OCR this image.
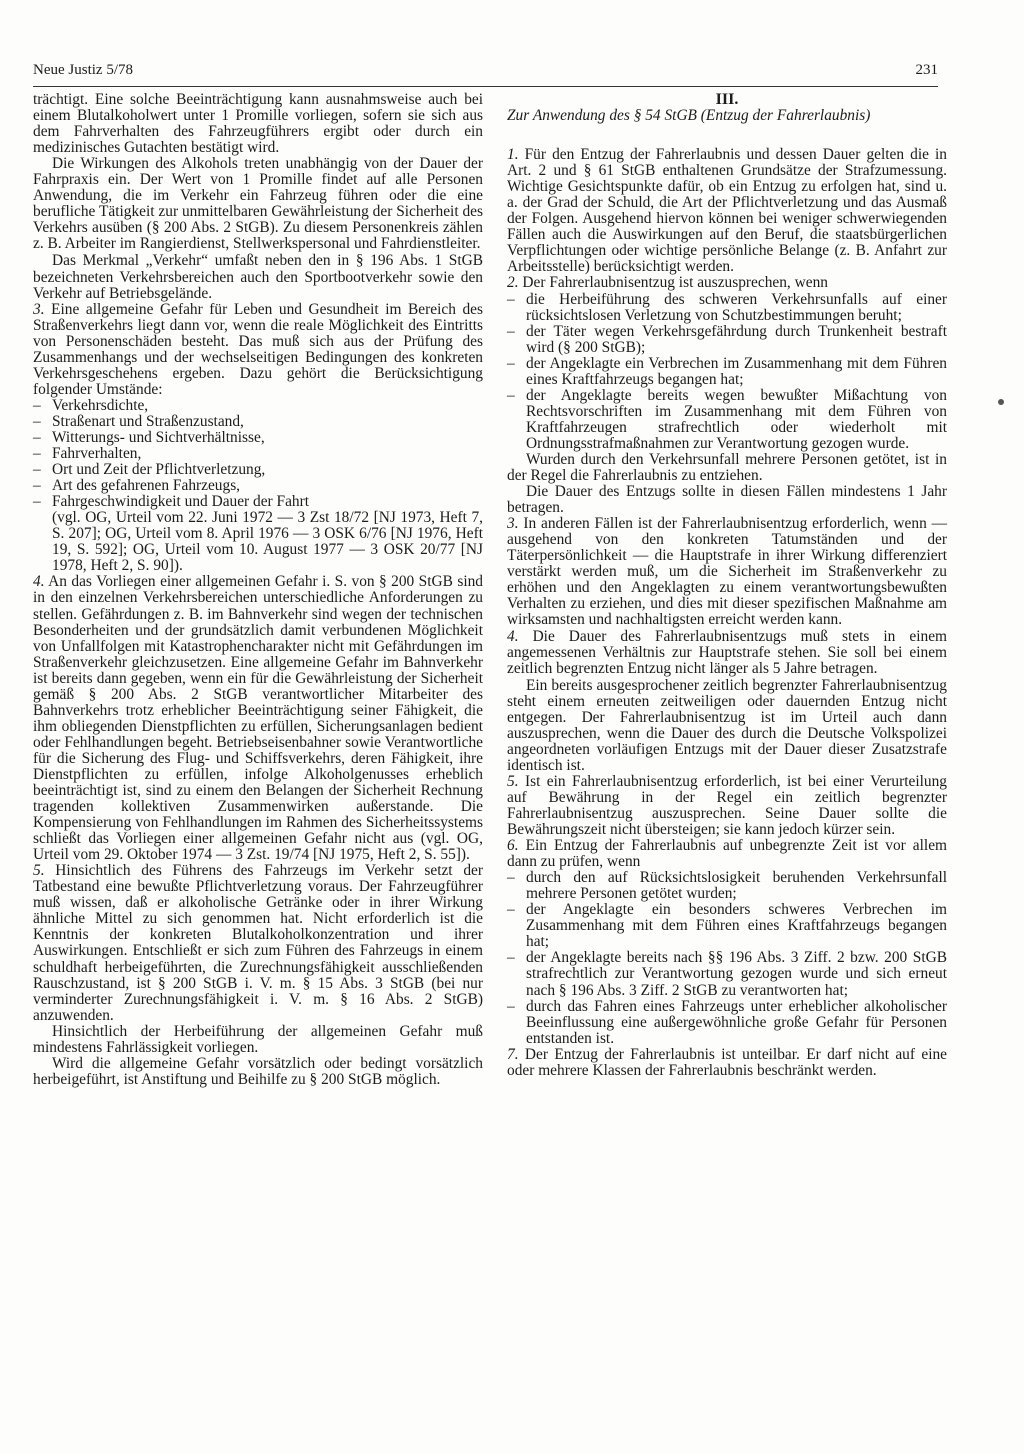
Neue Justiz 5/78	231

trächtigt. Eine solche Beeinträchtigung kann ausnahmsweise auch bei einem Blutalkoholwert unter 1 Promille vorliegen, sofern sie sich aus dem Fahrverhalten des Fahrzeugführers ergibt oder durch ein medizinisches Gutachten bestätigt wird.

Die Wirkungen des Alkohols treten unabhängig von der Dauer der Fahrpraxis ein. Der Wert von 1 Promille findet auf alle Personen Anwendung, die im Verkehr ein Fahrzeug führen oder die eine berufliche Tätigkeit zur unmittelbaren Gewährleistung der Sicherheit des Verkehrs ausüben (§ 200 Abs. 2 StGB). Zu diesem Personenkreis zählen z. B. Arbeiter im Rangierdienst, Stellwerkspersonal und Fahrdienstleiter.

Das Merkmal „Verkehr“ umfaßt neben den in § 196 Abs. 1 StGB bezeichneten Verkehrsbereichen auch den Sportbootverkehr sowie den Verkehr auf Betriebsgelände.

3. Eine allgemeine Gefahr für Leben und Gesundheit im Bereich des Straßenverkehrs liegt dann vor, wenn die reale Möglichkeit des Eintritts von Personenschäden besteht. Das muß sich aus der Prüfung des Zusammenhangs und der wechselseitigen Bedingungen des konkreten Verkehrsgeschehens ergeben. Dazu gehört die Berücksichtigung folgender Umstände:

– Verkehrsdichte,

– Straßenart und Straßenzustand,

– Witterungs- und Sichtverhältnisse,

– Fahrverhalten,

– Ort und Zeit der Pflichtverletzung,

– Art des gefahrenen Fahrzeugs,

– Fahrgeschwindigkeit und Dauer der Fahrt

(vgl. OG, Urteil vom 22. Juni 1972 — 3 Zst 18/72 [NJ 1973, Heft 7, S. 207]; OG, Urteil vom 8. April 1976 — 3 OSK 6/76 [NJ 1976, Heft 19, S. 592]; OG, Urteil vom 10. August 1977 — 3 OSK 20/77 [NJ 1978, Heft 2, S. 90]).

4. An das Vorliegen einer allgemeinen Gefahr i. S. von § 200 StGB sind in den einzelnen Verkehrsbereichen unterschiedliche Anforderungen zu stellen. Gefährdungen z. B. im Bahnverkehr sind wegen der technischen Besonderheiten und der grundsätzlich damit verbundenen Möglichkeit von Unfallfolgen mit Katastrophencharakter nicht mit Gefährdungen im Straßenverkehr gleichzusetzen. Eine allgemeine Gefahr im Bahnverkehr ist bereits dann gegeben, wenn ein für die Gewährleistung der Sicherheit gemäß § 200 Abs. 2 StGB verantwortlicher Mitarbeiter des Bahnverkehrs trotz erheblicher Beeinträchtigung seiner Fähigkeit, die ihm obliegenden Dienstpflichten zu erfüllen, Sicherungsanlagen bedient oder Fehlhandlungen begeht. Betriebseisenbahner sowie Verantwortliche für die Sicherung des Flug- und Schiffsverkehrs, deren Fähigkeit, ihre Dienstpflichten zu erfüllen, infolge Alkoholgenusses erheblich beeinträchtigt ist, sind zu einem den Belangen der Sicherheit Rechnung tragenden kollektiven Zusammenwirken außerstande. Die Kompensierung von Fehlhandlungen im Rahmen des Sicherheitssystems schließt das Vorliegen einer allgemeinen Gefahr nicht aus (vgl. OG, Urteil vom 29. Oktober 1974 — 3 Zst. 19/74 [NJ 1975, Heft 2, S. 55]).

5. Hinsichtlich des Führens des Fahrzeugs im Verkehr setzt der Tatbestand eine bewußte Pflichtverletzung voraus. Der Fahrzeugführer muß wissen, daß er alkoholische Getränke oder in ihrer Wirkung ähnliche Mittel zu sich genommen hat. Nicht erforderlich ist die Kenntnis der konkreten Blutalkoholkonzentration und ihrer Auswirkungen. Entschließt er sich zum Führen des Fahrzeugs in einem schuldhaft herbeigeführten, die Zurechnungsfähigkeit ausschließenden Rauschzustand, ist § 200 StGB i. V. m. § 15 Abs. 3 StGB (bei nur verminderter Zurechnungsfähigkeit i. V. m. § 16 Abs. 2 StGB) anzuwenden.

Hinsichtlich der Herbeiführung der allgemeinen Gefahr muß mindestens Fahrlässigkeit vorliegen.

Wird die allgemeine Gefahr vorsätzlich oder bedingt vorsätzlich herbeigeführt, ist Anstiftung und Beihilfe zu § 200 StGB möglich.

III.

Zur Anwendung des § 54 StGB (Entzug der Fahrerlaubnis)

1. Für den Entzug der Fahrerlaubnis und dessen Dauer gelten die in Art. 2 und § 61 StGB enthaltenen Grundsätze der Strafzumessung. Wichtige Gesichtspunkte dafür, ob ein Entzug zu erfolgen hat, sind u. a. der Grad der Schuld, die Art der Pflichtverletzung und das Ausmaß der Folgen. Ausgehend hiervon können bei weniger schwerwiegenden Fällen auch die Auswirkungen auf den Beruf, die staatsbürgerlichen Verpflichtungen oder wichtige persönliche Belange (z. B. Anfahrt zur Arbeitsstelle) berücksichtigt werden.

2. Der Fahrerlaubnisentzug ist auszusprechen, wenn

– die Herbeiführung des schweren Verkehrsunfalls auf einer rücksichtslosen Verletzung von Schutzbestimmungen beruht;

– der Täter wegen Verkehrsgefährdung durch Trunkenheit bestraft wird (§ 200 StGB);

– der Angeklagte ein Verbrechen im Zusammenhang mit dem Führen eines Kraftfahrzeugs begangen hat;

– der Angeklagte bereits wegen bewußter Mißachtung von Rechtsvorschriften im Zusammenhang mit dem Führen von Kraftfahrzeugen strafrechtlich oder wiederholt mit Ordnungsstrafmaßnahmen zur Verantwortung gezogen wurde.

Wurden durch den Verkehrsunfall mehrere Personen getötet, ist in der Regel die Fahrerlaubnis zu entziehen.

Die Dauer des Entzugs sollte in diesen Fällen mindestens 1 Jahr betragen.

3. In anderen Fällen ist der Fahrerlaubnisentzug erforderlich, wenn — ausgehend von den konkreten Tatumständen und der Täterpersönlichkeit — die Hauptstrafe in ihrer Wirkung differenziert verstärkt werden muß, um die Sicherheit im Straßenverkehr zu erhöhen und den Angeklagten zu einem verantwortungsbewußten Verhalten zu erziehen, und dies mit dieser spezifischen Maßnahme am wirksamsten und nachhaltigsten erreicht werden kann.

4. Die Dauer des Fahrerlaubnisentzugs muß stets in einem angemessenen Verhältnis zur Hauptstrafe stehen. Sie soll bei einem zeitlich begrenzten Entzug nicht länger als 5 Jahre betragen.

Ein bereits ausgesprochener zeitlich begrenzter Fahrerlaubnisentzug steht einem erneuten zeitweiligen oder dauernden Entzug nicht entgegen. Der Fahrerlaubnisentzug ist im Urteil auch dann auszusprechen, wenn die Dauer des durch die Deutsche Volkspolizei angeordneten vorläufigen Entzugs mit der Dauer dieser Zusatzstrafe identisch ist.

5. Ist ein Fahrerlaubnisentzug erforderlich, ist bei einer Verurteilung auf Bewährung in der Regel ein zeitlich begrenzter Fahrerlaubnisentzug auszusprechen. Seine Dauer sollte die Bewährungszeit nicht übersteigen; sie kann jedoch kürzer sein.

6. Ein Entzug der Fahrerlaubnis auf unbegrenzte Zeit ist vor allem dann zu prüfen, wenn

– durch den auf Rücksichtslosigkeit beruhenden Verkehrsunfall mehrere Personen getötet wurden;

– der Angeklagte ein besonders schweres Verbrechen im Zusammenhang mit dem Führen eines Kraftfahrzeugs begangen hat;

– der Angeklagte bereits nach §§ 196 Abs. 3 Ziff. 2 bzw. 200 StGB strafrechtlich zur Verantwortung gezogen wurde und sich erneut nach § 196 Abs. 3 Ziff. 2 StGB zu verantworten hat;

– durch das Fahren eines Fahrzeugs unter erheblicher alkoholischer Beeinflussung eine außergewöhnliche große Gefahr für Personen entstanden ist.

7. Der Entzug der Fahrerlaubnis ist unteilbar. Er darf nicht auf eine oder mehrere Klassen der Fahrerlaubnis beschränkt werden.
